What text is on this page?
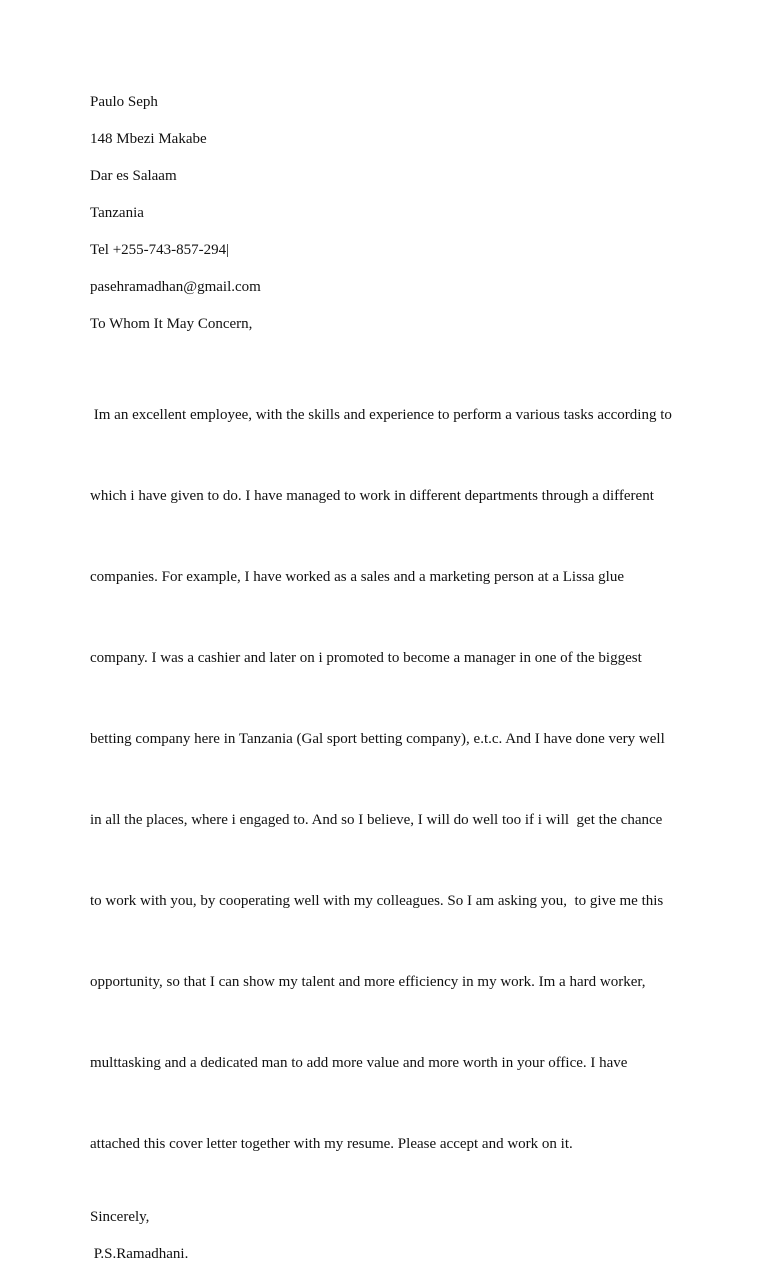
Paulo Seph
148 Mbezi Makabe
Dar es Salaam
Tanzania
Tel +255-743-857-294|
pasehramadhan@gmail.com
To Whom It May Concern,

Im an excellent employee, with the skills and experience to perform a various tasks according to

which i have given to do. I have managed to work in different departments through a different

companies. For example, I have worked as a sales and a marketing person at a Lissa glue

company. I was a cashier and later on i promoted to become a manager in one of the biggest

betting company here in Tanzania (Gal sport betting company), e.t.c. And I have done very well

in all the places, where i engaged to. And so I believe, I will do well too if i will  get the chance

to work with you, by cooperating well with my colleagues. So I am asking you,  to give me this

opportunity, so that I can show my talent and more efficiency in my work. Im a hard worker,

multtasking and a dedicated man to add more value and more worth in your office. I have

attached this cover letter together with my resume. Please accept and work on it.

Sincerely,
P.S.Ramadhani.
